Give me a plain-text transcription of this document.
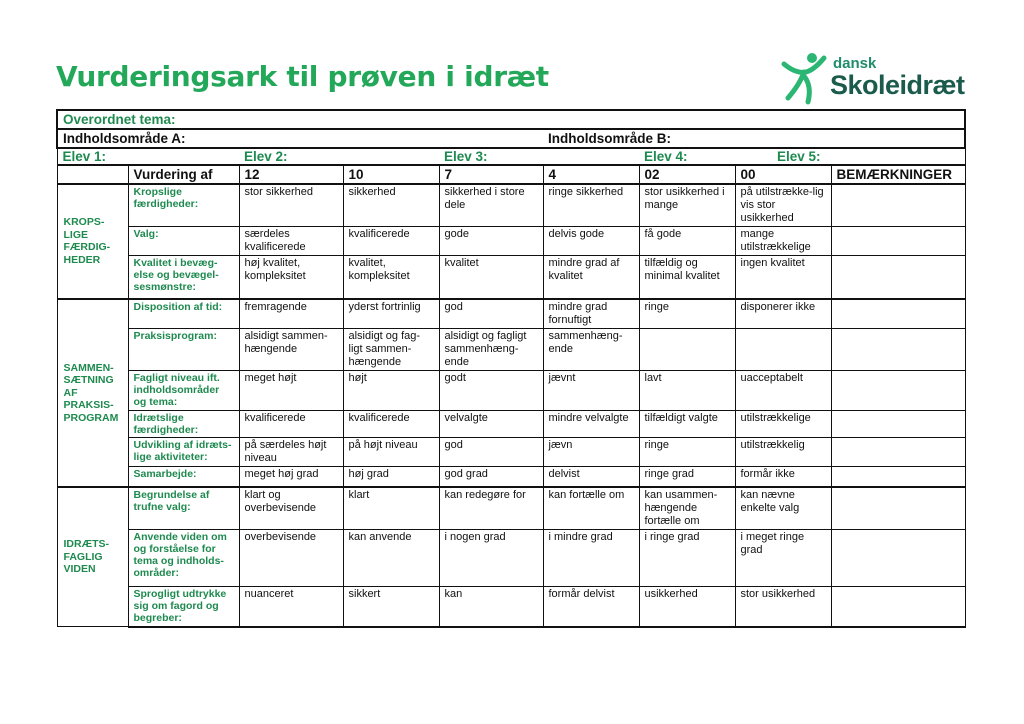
Vurderingsark til prøven i idræt	dansk
Skoleidræt
Overordnet tema:								
Indholdsområde A:					Indholdsområde B:			
Elev 1:		Elev 2:		Elev 3:		Elev 4:	Elev 5:	
	Vurdering af	12	10	7	4	02	00	BEMÆRKNINGER
KROPS-
LIGE
FÆRDIG-
HEDER	Kropslige færdigheder:	stor sikkerhed	sikkerhed	sikkerhed i store dele	ringe sikkerhed	stor usikkerhed i mange	på utilstrække-lig vis stor usikkerhed	
	Valg:	særdeles kvalificerede	kvalificerede	gode	delvis gode	få gode	mange utilstrækkelige	
	Kvalitet i bevæg-else og bevægel-sesmønstre:	høj kvalitet, kompleksitet	kvalitet, kompleksitet	kvalitet	mindre grad af kvalitet	tilfældig og minimal kvalitet	ingen kvalitet	
SAMMEN-
SÆTNING
AF
PRAKSIS-
PROGRAM	Disposition af tid:	fremragende	yderst fortrinlig	god	mindre grad fornuftigt	ringe	disponerer ikke	
	Praksisprogram:	alsidigt sammen-hængende	alsidigt og fag-ligt sammen-hængende	alsidigt og fagligt sammenhæng-ende	sammenhæng-ende			
	Fagligt niveau ift. indholdsområder og tema:	meget højt	højt	godt	jævnt	lavt	uacceptabelt	
	Idrætslige færdigheder:	kvalificerede	kvalificerede	velvalgte	mindre velvalgte	tilfældigt valgte	utilstrækkelige	
	Udvikling af idræts-lige aktiviteter:	på særdeles højt niveau	på højt niveau	god	jævn	ringe	utilstrækkelig	
	Samarbejde:	meget høj grad	høj grad	god grad	delvist	ringe grad	formår ikke	
IDRÆTS-
FAGLIG
VIDEN	Begrundelse af trufne valg:	klart og overbevisende	klart	kan redegøre for	kan fortælle om	kan usammen-hængende fortælle om	kan nævne enkelte valg	
	Anvende viden om og forståelse for tema og indholds-områder:	overbevisende	kan anvende	i nogen grad	i mindre grad	i ringe grad	i meget ringe grad	
	Sprogligt udtrykke sig om fagord og begreber:	nuanceret	sikkert	kan	formår delvist	usikkerhed	stor usikkerhed	
